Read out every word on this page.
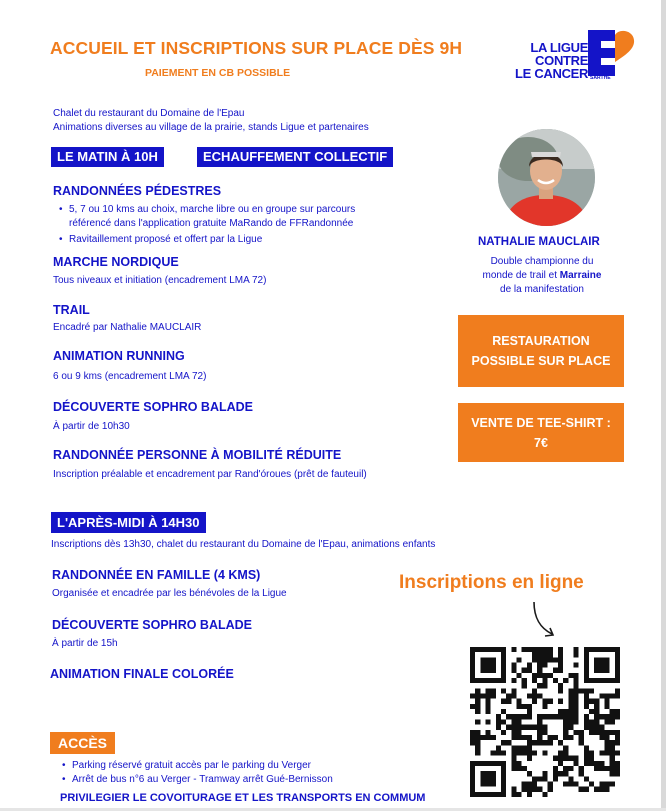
ACCUEIL ET INSCRIPTIONS SUR PLACE DÈS 9H
PAIEMENT EN CB POSSIBLE
LA LIGUE
CONTRE
LE CANCER SARTHE
Chalet du restaurant du Domaine de l'Epau
Animations diverses au village de la prairie, stands Ligue et partenaires
LE MATIN À 10H	ECHAUFFEMENT COLLECTIF
RANDONNÉES PÉDESTRES
• 5, 7 ou 10 kms au choix, marche libre ou en groupe sur parcours
référencé dans l'application gratuite MaRando de FFRandonnée
• Ravitaillement proposé et offert par la Ligue
MARCHE NORDIQUE
Tous niveaux et initiation (encadrement LMA 72)
TRAIL
Encadré par Nathalie MAUCLAIR
ANIMATION RUNNING
6 ou 9 kms (encadrement LMA 72)
DÉCOUVERTE SOPHRO BALADE
À partir de 10h30
RANDONNÉE PERSONNE À MOBILITÉ RÉDUITE
Inscription préalable et encadrement par Rand'óroues (prêt de fauteuil)
NATHALIE MAUCLAIR
Double championne du
monde de trail et Marraine
de la manifestation
RESTAURATION
POSSIBLE SUR PLACE
VENTE DE TEE-SHIRT :
7€
L'APRÈS-MIDI À 14H30
Inscriptions dès 13h30, chalet du restaurant du Domaine de l'Epau, animations enfants
RANDONNÉE EN FAMILLE (4 KMS)
Organisée et encadrée par les bénévoles de la Ligue
DÉCOUVERTE SOPHRO BALADE
À partir de 15h
ANIMATION FINALE COLORÉE
Inscriptions en ligne
ACCÈS
• Parking réservé gratuit accès par le parking du Verger
• Arrêt de bus n°6 au Verger - Tramway arrêt Gué-Bernisson
PRIVILEGIER LE COVOITURAGE ET LES TRANSPORTS EN COMMUM
